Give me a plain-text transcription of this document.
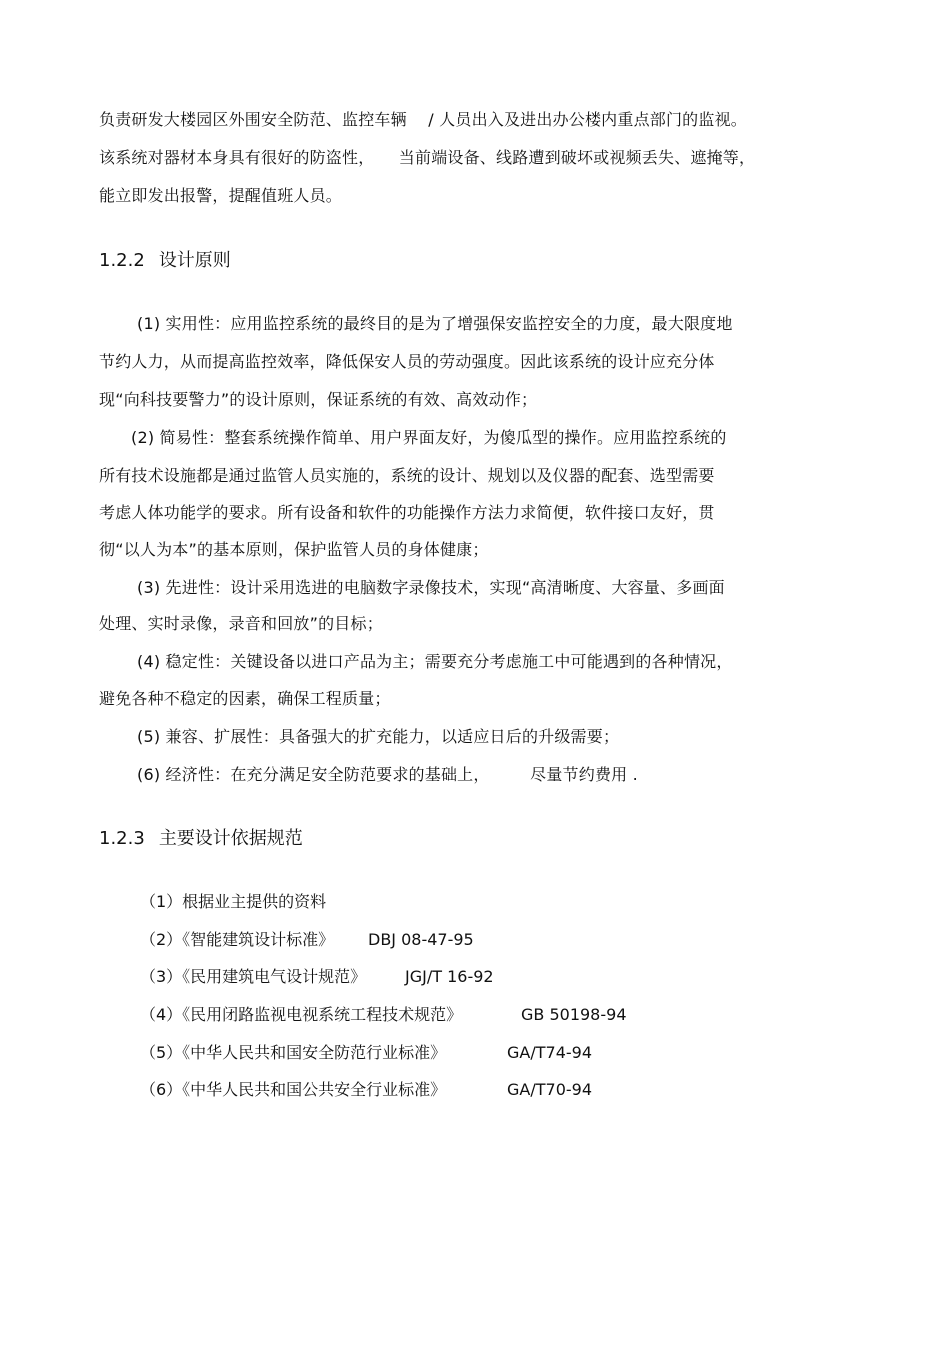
负责研发大楼园区外围安全防范、监控车辆　 / 人员出入及进出办公楼内重点部门的监视。
该系统对器材本身具有很好的防盗性，　　当前端设备、线路遭到破坏或视频丢失、遮掩等，
能立即发出报警，提醒值班人员。
1.2.2 设计原则
(1) 实用性：应用监控系统的最终目的是为了增强保安监控安全的力度，最大限度地
节约人力，从而提高监控效率，降低保安人员的劳动强度。因此该系统的设计应充分体
现“向科技要警力”的设计原则，保证系统的有效、高效动作；
(2) 简易性：整套系统操作简单、用户界面友好，为傻瓜型的操作。应用监控系统的
所有技术设施都是通过监管人员实施的，系统的设计、规划以及仪器的配套、选型需要
考虑人体功能学的要求。所有设备和软件的功能操作方法力求简便，软件接口友好，贯
彻“以人为本”的基本原则，保护监管人员的身体健康；
(3) 先进性：设计采用选进的电脑数字录像技术，实现“高清晰度、大容量、多画面
处理、实时录像，录音和回放”的目标；
(4) 稳定性：关键设备以进口产品为主；需要充分考虑施工中可能遇到的各种情况，
避免各种不稳定的因素，确保工程质量；
(5) 兼容、扩展性：具备强大的扩充能力，以适应日后的升级需要；
(6) 经济性：在充分满足安全防范要求的基础上，　　　尽量节约费用 .
1.2.3 主要设计依据规范
（1）根据业主提供的资料
（2）《智能建筑设计标准》 DBJ 08-47-95
（3）《民用建筑电气设计规范》 JGJ/T 16-92
（4）《民用闭路监视电视系统工程技术规范》	GB 50198-94
（5）《中华人民共和国安全防范行业标准》	GA/T74-94
（6）《中华人民共和国公共安全行业标准》	GA/T70-94
